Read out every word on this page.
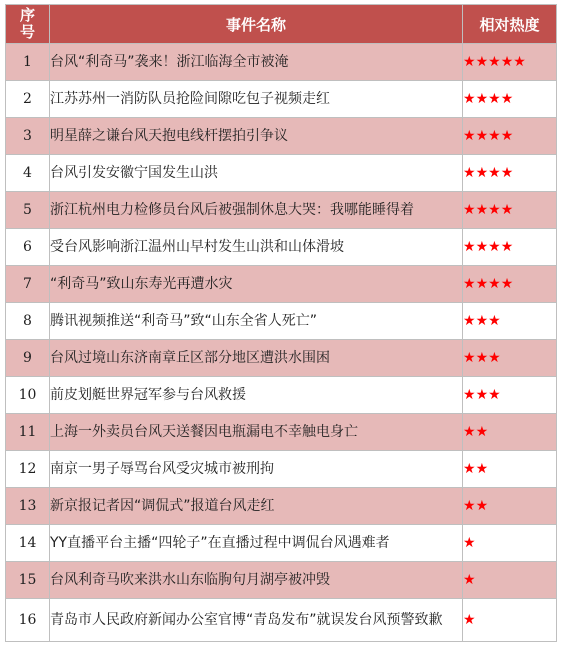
序号	事件名称	相对热度
1	台风“利奇马”袭来！浙江临海全市被淹	★★★★★
2	江苏苏州一消防队员抢险间隙吃包子视频走红	★★★★
3	明星薛之谦台风天抱电线杆摆拍引争议	★★★★
4	台风引发安徽宁国发生山洪	★★★★
5	浙江杭州电力检修员台风后被强制休息大哭：我哪能睡得着	★★★★
6	受台风影响浙江温州山早村发生山洪和山体滑坡	★★★★
7	“利奇马”致山东寿光再遭水灾	★★★★
8	腾讯视频推送“利奇马”致“山东全省人死亡”	★★★
9	台风过境山东济南章丘区部分地区遭洪水围困	★★★
10	前皮划艇世界冠军参与台风救援	★★★
11	上海一外卖员台风天送餐因电瓶漏电不幸触电身亡	★★
12	南京一男子辱骂台风受灾城市被刑拘	★★
13	新京报记者因“调侃式”报道台风走红	★★
14	YY直播平台主播“四轮子”在直播过程中调侃台风遇难者	★
15	台风利奇马吹来洪水山东临朐句月湖亭被冲毁	★
16	青岛市人民政府新闻办公室官博“青岛发布”就误发台风预警致歉	★
